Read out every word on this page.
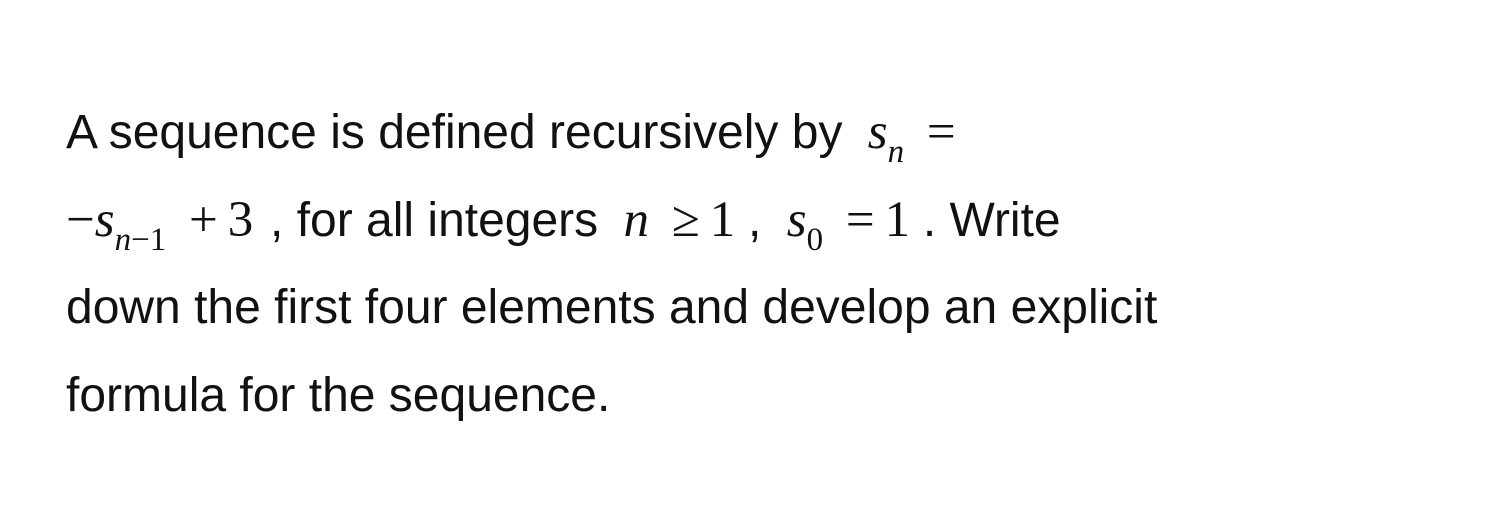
A sequence is defined recursively by $s_n$ =
$-s_{n-1} + 3$ , for all integers n ≥ 1 , $s_0 = 1$ . Write
down the first four elements and develop an explicit
formula for the sequence.
